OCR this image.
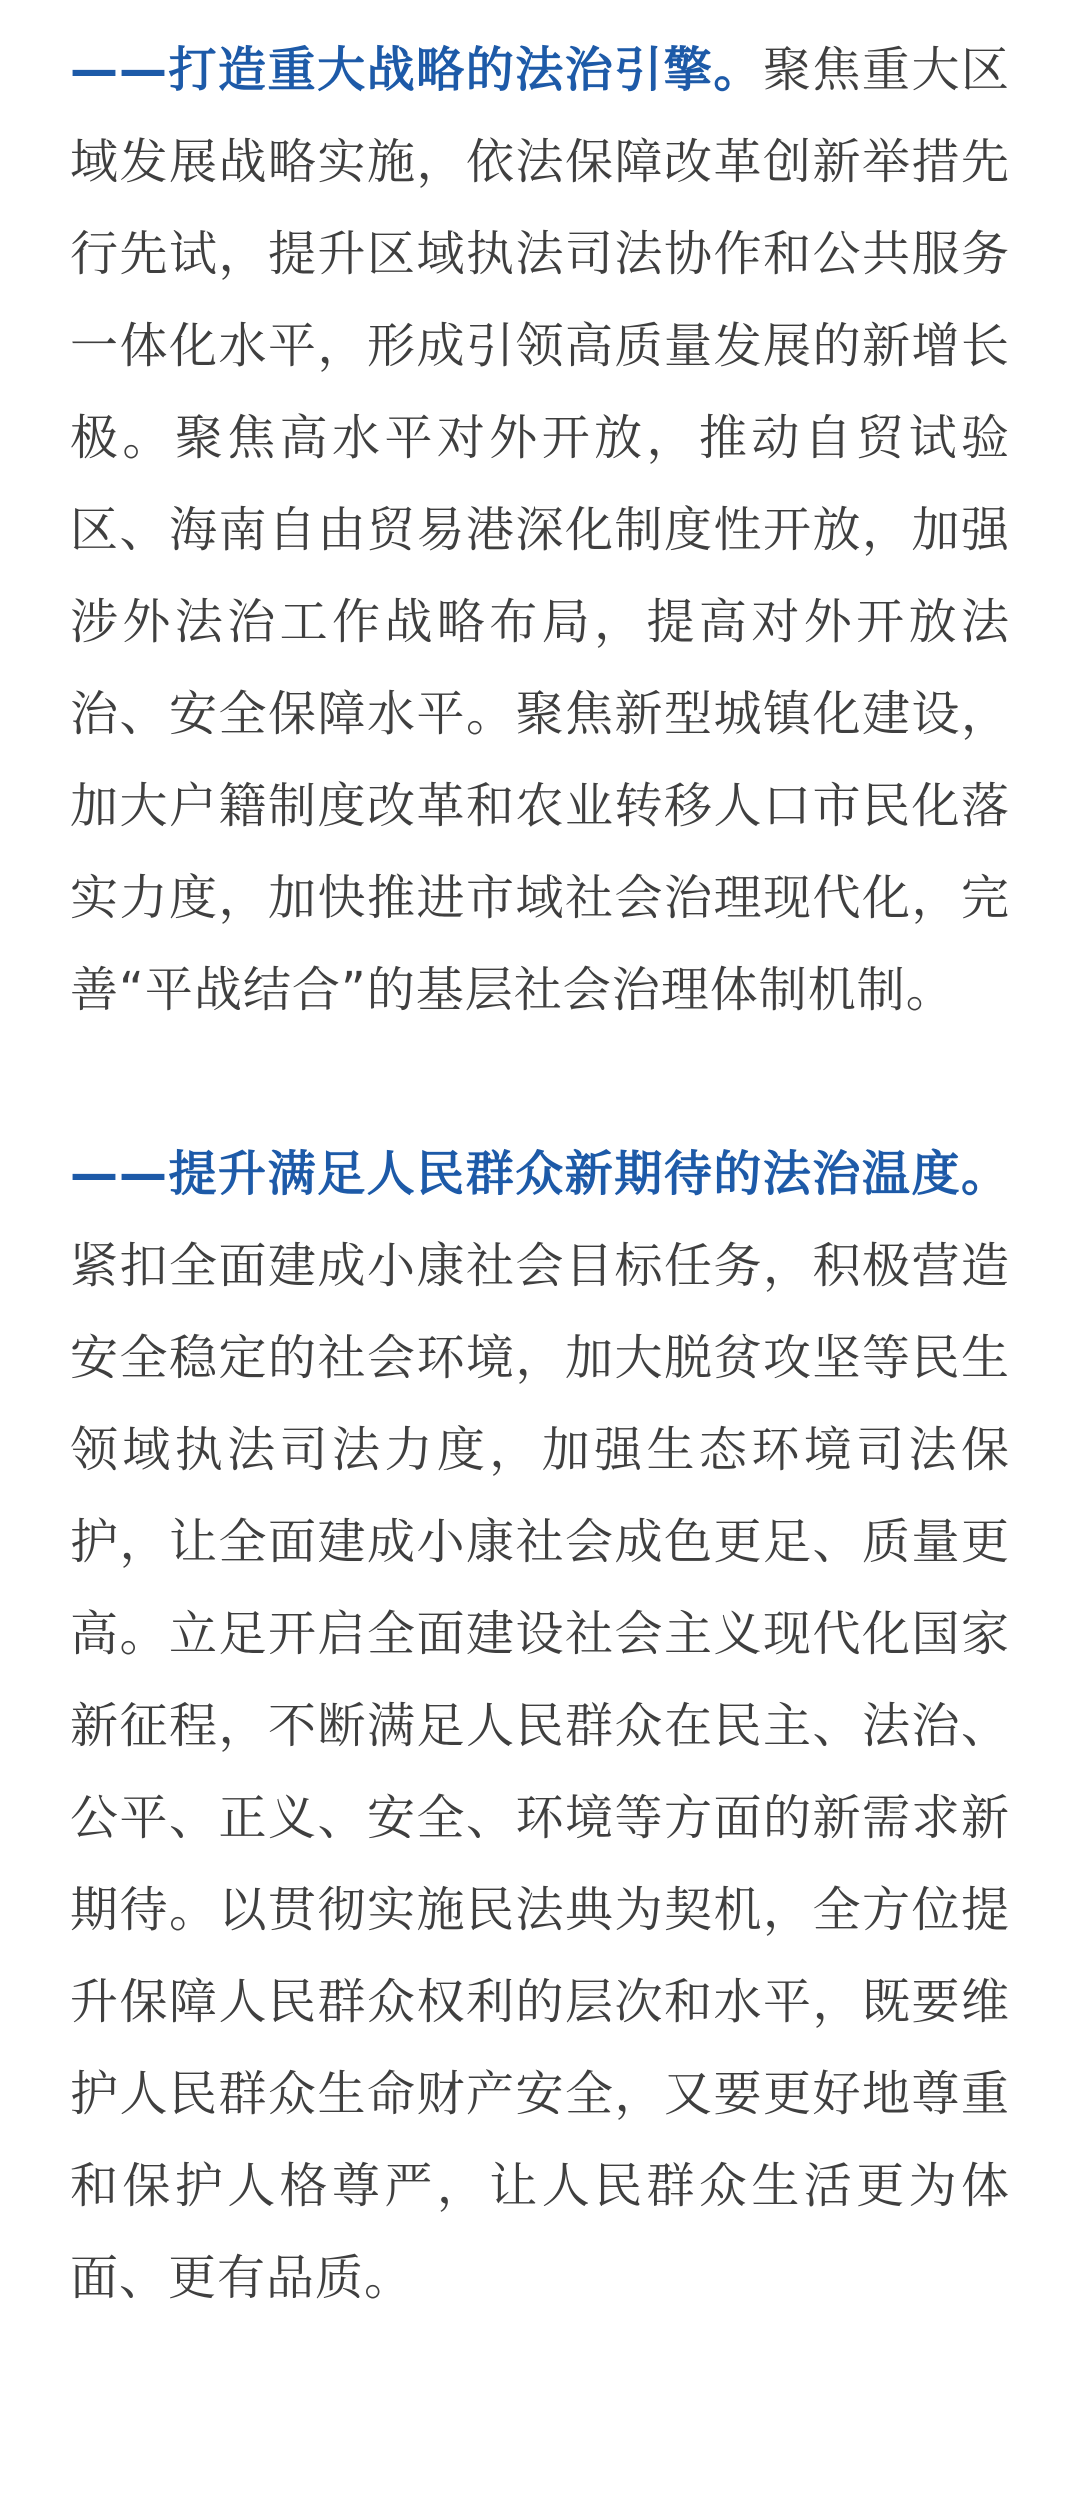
——打造重大战略的法治引擎。聚焦重大区域发展战略实施，依法保障改革创新举措先行先试，提升区域执法司法协作和公共服务一体化水平，形成引领高质量发展的新增长极。聚焦高水平对外开放，推动自贸试验区、海南自由贸易港深化制度性开放，加强涉外法治工作战略布局，提高对外开放法治、安全保障水平。聚焦新型城镇化建设，加大户籍制度改革和农业转移人口市民化落实力度，加快推进市域社会治理现代化，完善“平战结合”的基层社会治理体制机制。

——提升满足人民群众新期待的法治温度。紧扣全面建成小康社会目标任务，积极营造安全稳定的社会环境，加大脱贫攻坚等民生领域执法司法力度，加强生态环境司法保护，让全面建成小康社会成色更足、质量更高。立足开启全面建设社会主义现代化国家新征程，不断满足人民群众在民主、法治、公平、正义、安全、环境等方面的新需求新期待。以贯彻实施民法典为契机，全方位提升保障人民群众权利的层次和水平，既要维护人民群众生命财产安全，又要更好地尊重和保护人格尊严，让人民群众生活更为体面、更有品质。
